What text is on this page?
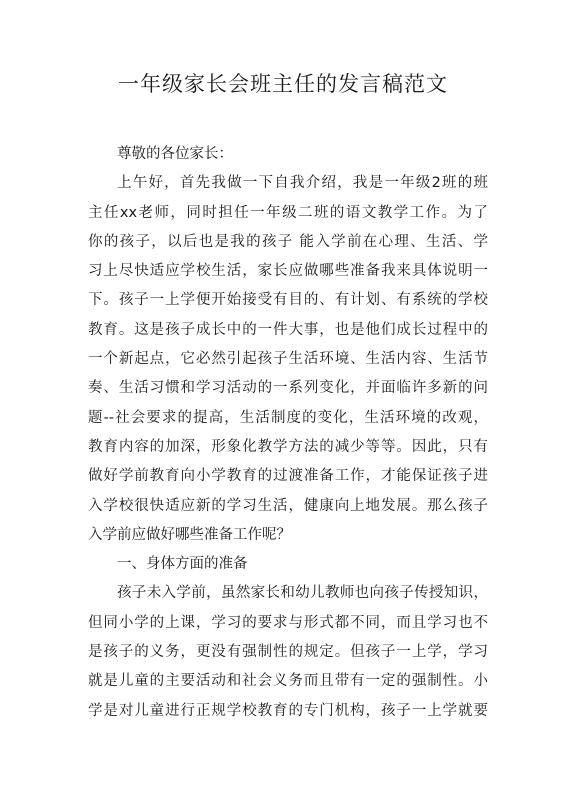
一年级家长会班主任的发言稿范文

尊敬的各位家长：

上午好，首先我做一下自我介绍，我是一年级2班的班
主任xx老师，同时担任一年级二班的语文教学工作。为了
你的孩子，以后也是我的孩子 能入学前在心理、生活、学
习上尽快适应学校生活，家长应做哪些准备我来具体说明一
下。孩子一上学便开始接受有目的、有计划、有系统的学校
教育。这是孩子成长中的一件大事，也是他们成长过程中的
一个新起点，它必然引起孩子生活环境、生活内容、生活节
奏、生活习惯和学习活动的一系列变化，并面临许多新的问
题--社会要求的提高，生活制度的变化，生活环境的改观，
教育内容的加深，形象化教学方法的减少等等。因此，只有
做好学前教育向小学教育的过渡准备工作，才能保证孩子进
入学校很快适应新的学习生活，健康向上地发展。那么孩子
入学前应做好哪些准备工作呢？

一、身体方面的准备

孩子未入学前，虽然家长和幼儿教师也向孩子传授知识，
但同小学的上课，学习的要求与形式都不同，而且学习也不
是孩子的义务，更没有强制性的规定。但孩子一上学，学习
就是儿童的主要活动和社会义务而且带有一定的强制性。小
学是对儿童进行正规学校教育的专门机构，孩子一上学就要
